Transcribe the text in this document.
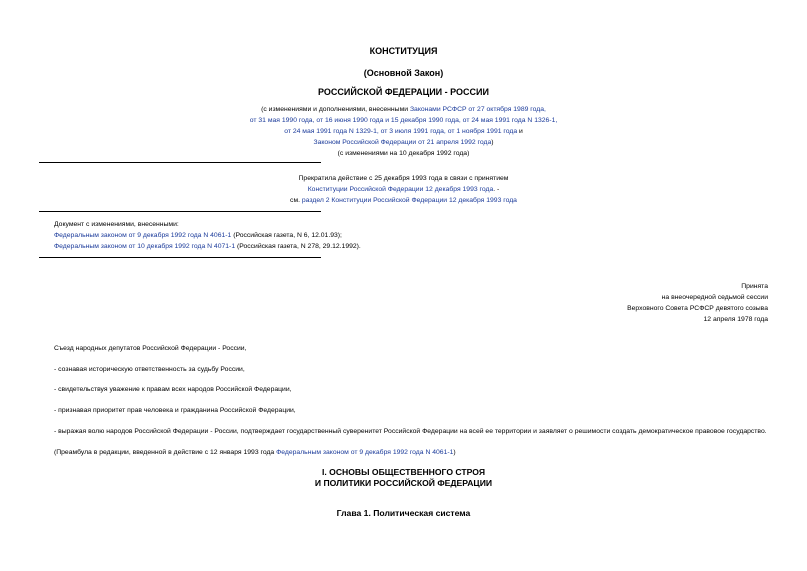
КОНСТИТУЦИЯ
(Основной Закон)
РОССИЙСКОЙ ФЕДЕРАЦИИ - РОССИИ
(с изменениями и дополнениями, внесенными Законами РСФСР от 27 октября 1989 года,
от 31 мая 1990 года, от 16 июня 1990 года и 15 декабря 1990 года, от 24 мая 1991 года N 1326-1,
от 24 мая 1991 года N 1329-1, от 3 июля 1991 года, от 1 ноября 1991 года и
Законом Российской Федерации от 21 апреля 1992 года)
(с изменениями на 10 декабря 1992 года)
Прекратила действие с 25 декабря 1993 года в связи с принятием
Конституции Российской Федерации 12 декабря 1993 года. -
см. раздел 2 Конституции Российской Федерации 12 декабря 1993 года
Документ с изменениями, внесенными:
Федеральным законом от 9 декабря 1992 года N 4061-1 (Российская газета, N 6, 12.01.93);
Федеральным законом от 10 декабря 1992 года N 4071-1 (Российская газета, N 278, 29.12.1992).
Принята
на внеочередной седьмой сессии
Верховного Совета РСФСР девятого созыва
12 апреля 1978 года
Съезд народных депутатов Российской Федерации - России,
- сознавая историческую ответственность за судьбу России,
- свидетельствуя уважение к правам всех народов Российской Федерации,
- признавая приоритет прав человека и гражданина Российской Федерации,
- выражая волю народов Российской Федерации - России, подтверждает государственный суверенитет Российской Федерации на всей ее территории и заявляет о решимости создать демократическое правовое государство.
(Преамбула в редакции, введенной в действие с 12 января 1993 года Федеральным законом от 9 декабря 1992 года N 4061-1)
I. ОСНОВЫ ОБЩЕСТВЕННОГО СТРОЯ
И ПОЛИТИКИ РОССИЙСКОЙ ФЕДЕРАЦИИ
Глава 1. Политическая система
